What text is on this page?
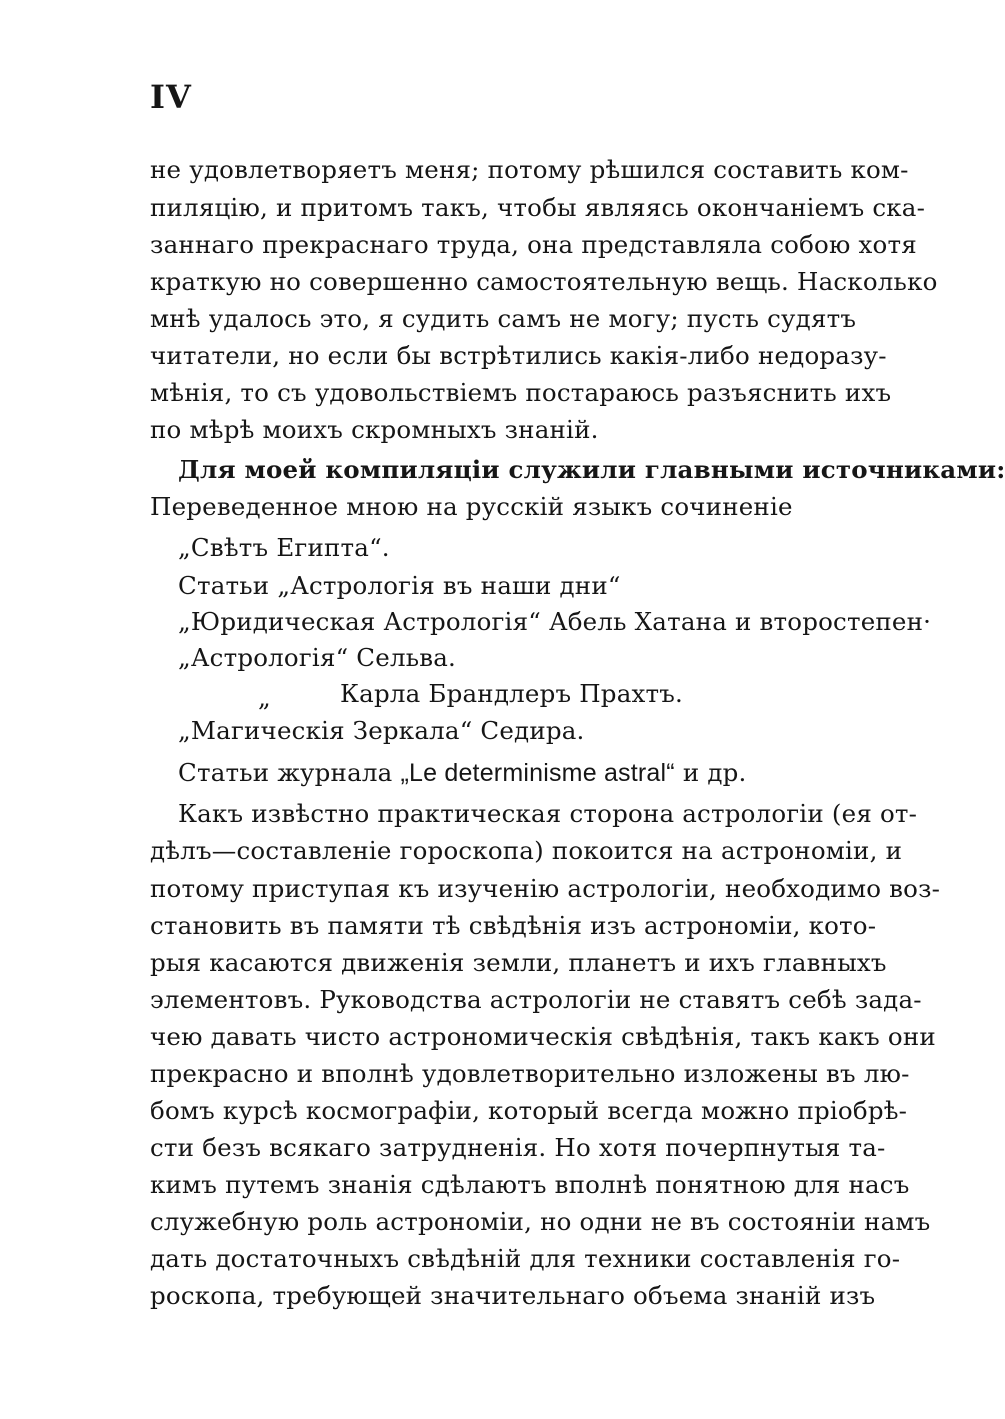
IV
не удовлетворяетъ меня; потому рѣшился составить ком-
пиляцію, и притомъ такъ, чтобы являясь окончаніемъ ска-
заннаго прекраснаго труда, она представляла собою хотя
краткую но совершенно самостоятельную вещь. Насколько
мнѣ удалось это, я судить самъ не могу; пусть судятъ
читатели, но если бы встрѣтились какія-либо недоразу-
мѣнія, то съ удовольствіемъ постараюсь разъяснить ихъ
по мѣрѣ моихъ скромныхъ знаній.
Для моей компиляціи служили главными источниками:
Переведенное мною на русскій языкъ сочиненіе
„Свѣтъ Египта“.
Статьи „Астрологія въ наши дни“
„Юридическая Астрологія“ Абель Хатана и второстепен·
„Астрологія“ Сельва.
„	Карла Брандлеръ Прахтъ.
„Магическія Зеркала“ Седира.
Статьи журнала „Le determinisme astral“ и др.
Какъ извѣстно практическая сторона астрологіи (ея от-
дѣлъ—составленіе гороскопа) покоится на астрономіи, и
потому приступая къ изученію астрологіи, необходимо воз-
становить въ памяти тѣ свѣдѣнія изъ астрономіи, кото-
рыя касаются движенія земли, планетъ и ихъ главныхъ
элементовъ. Руководства астрологіи не ставятъ себѣ зада-
чею давать чисто астрономическія свѣдѣнія, такъ какъ они
прекрасно и вполнѣ удовлетворительно изложены въ лю-
бомъ курсѣ космографіи, который всегда можно пріобрѣ-
сти безъ всякаго затрудненія. Но хотя почерпнутыя та-
кимъ путемъ знанія сдѣлаютъ вполнѣ понятною для насъ
служебную роль астрономіи, но одни не въ состояніи намъ
дать достаточныхъ свѣдѣній для техники составленія го-
роскопа, требующей значительнаго объема знаній изъ
